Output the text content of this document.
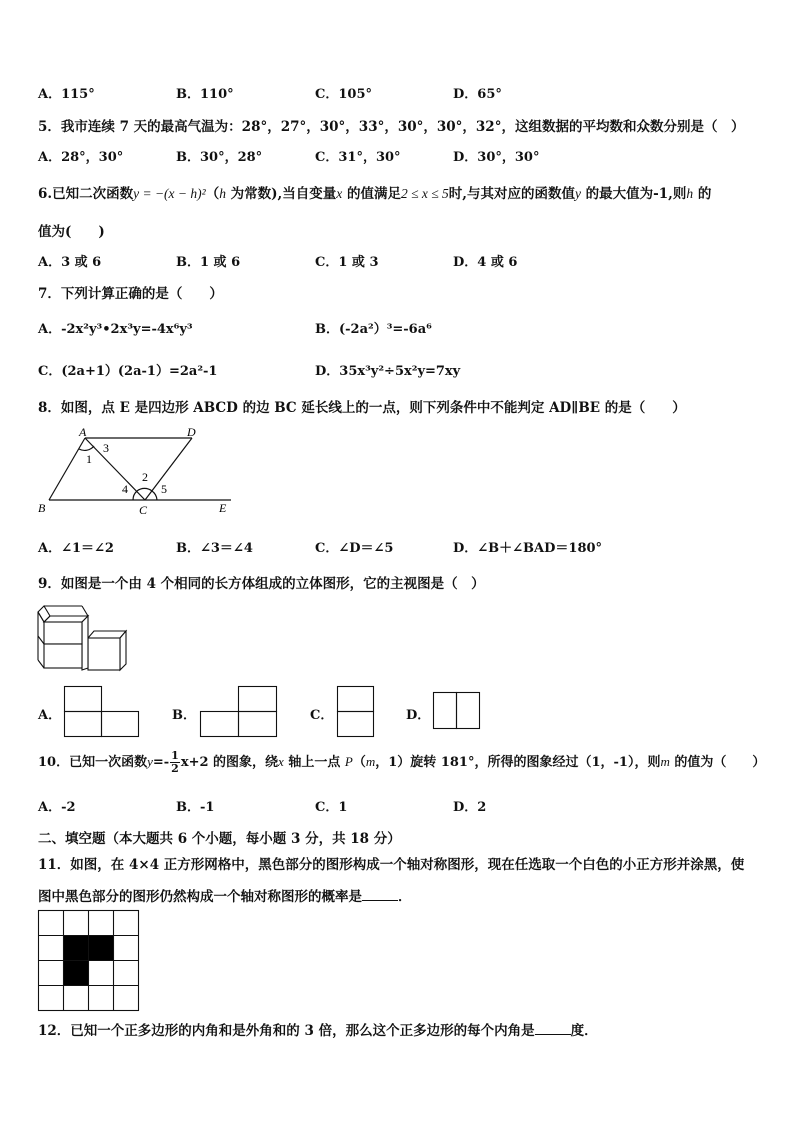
A．115°	B．110°	C．105°	D．65°
5．我市连续 7 天的最高气温为：28°，27°，30°，33°，30°，30°，32°，这组数据的平均数和众数分别是（　）
A．28°，30°	B．30°，28°	C．31°，30°	D．30°，30°
6.已知二次函数y = −(x − h)²（h 为常数),当自变量x 的值满足2 ≤ x ≤ 5时,与其对应的函数值y 的最大值为-1,则h 的
值为(　　)
A．3 或 6	B．1 或 6	C．1 或 3	D．4 或 6
7．下列计算正确的是（　　）
A．-2x²y³•2x³y=-4x⁶y³	B．(-2a²）³=-6a⁶
C．(2a+1）(2a-1）=2a²-1	D．35x³y²÷5x²y=7xy
8．如图，点 E 是四边形 ABCD 的边 BC 延长线上的一点，则下列条件中不能判定 AD∥BE 的是（　　）
A	D
B	C	E
1
2
3
4	5
A．∠1＝∠2	B．∠3＝∠4	C．∠D＝∠5	D．∠B＋∠BAD＝180°
9．如图是一个由 4 个相同的长方体组成的立体图形，它的主视图是（　）
A．	B．	C．	D．
10．已知一次函数$y=- \frac{1}{2} x+2$ 的图象，绕x 轴上一点 P（m，1）旋转 181°，所得的图象经过（1，-1），则m 的值为（　　）
A．-2	B．-1	C．1	D．2
二、填空题（本大题共 6 个小题，每小题 3 分，共 18 分）
11．如图，在 4×4 正方形网格中，黑色部分的图形构成一个轴对称图形，现在任选取一个白色的小正方形并涂黑，使
图中黑色部分的图形仍然构成一个轴对称图形的概率是	．
12．已知一个正多边形的内角和是外角和的 3 倍，那么这个正多边形的每个内角是	度．
